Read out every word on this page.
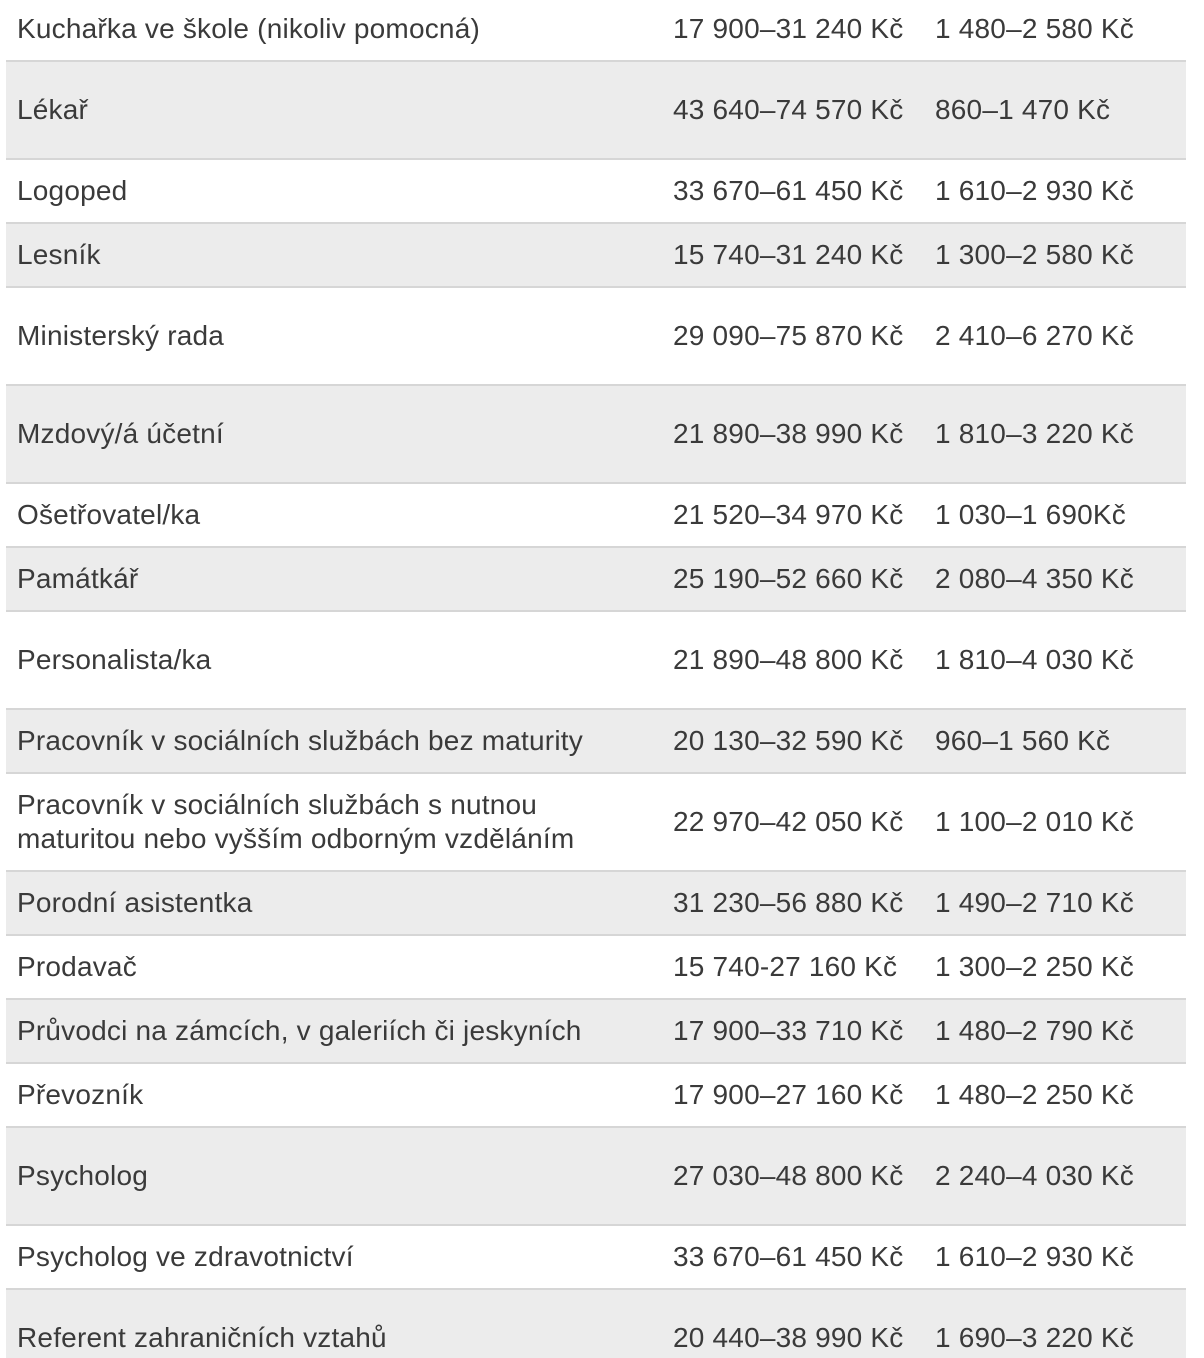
Kuchařka ve škole (nikoliv pomocná)	17 900–31 240 Kč	1 480–2 580 Kč
Lékař	43 640–74 570 Kč	860–1 470 Kč
Logoped	33 670–61 450 Kč	1 610–2 930 Kč
Lesník	15 740–31 240 Kč	1 300–2 580 Kč
Ministerský rada	29 090–75 870 Kč	2 410–6 270 Kč
Mzdový/á účetní	21 890–38 990 Kč	1 810–3 220 Kč
Ošetřovatel/ka	21 520–34 970 Kč	1 030–1 690Kč
Památkář	25 190–52 660 Kč	2 080–4 350 Kč
Personalista/ka	21 890–48 800 Kč	1 810–4 030 Kč
Pracovník v sociálních službách bez maturity	20 130–32 590 Kč	960–1 560 Kč
Pracovník v sociálních službách s nutnou maturitou nebo vyšším odborným vzděláním	22 970–42 050 Kč	1 100–2 010 Kč
Porodní asistentka	31 230–56 880 Kč	1 490–2 710 Kč
Prodavač	15 740-27 160 Kč	1 300–2 250 Kč
Průvodci na zámcích, v galeriích či jeskyních	17 900–33 710 Kč	1 480–2 790 Kč
Převozník	17 900–27 160 Kč	1 480–2 250 Kč
Psycholog	27 030–48 800 Kč	2 240–4 030 Kč
Psycholog ve zdravotnictví	33 670–61 450 Kč	1 610–2 930 Kč
Referent zahraničních vztahů	20 440–38 990 Kč	1 690–3 220 Kč
